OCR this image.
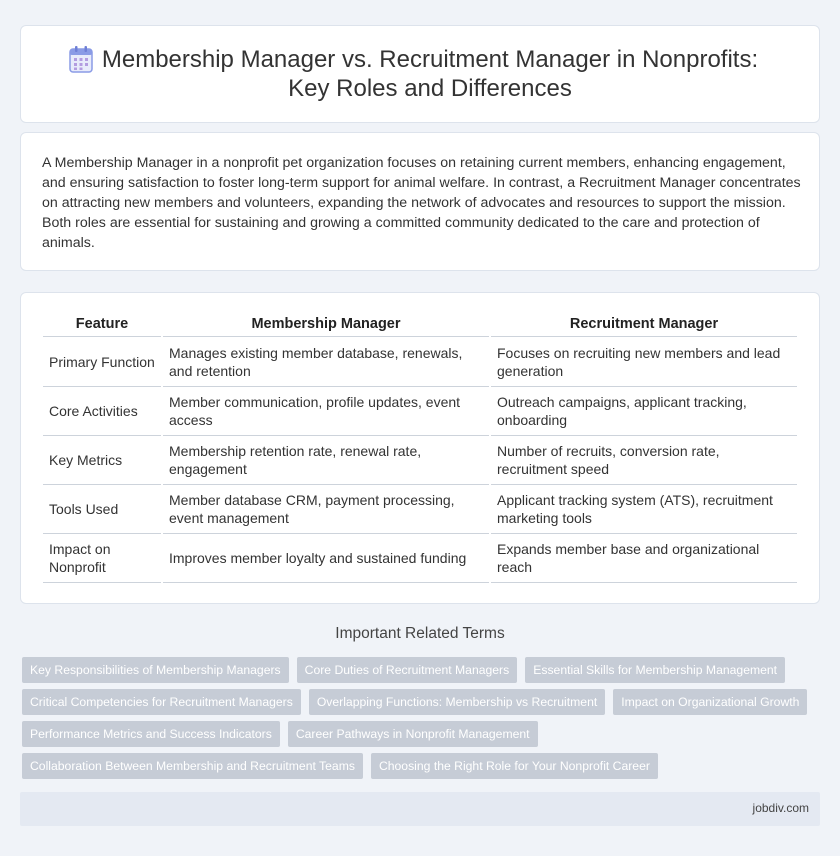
Membership Manager vs. Recruitment Manager in Nonprofits: Key Roles and Differences

A Membership Manager in a nonprofit pet organization focuses on retaining current members, enhancing engagement, and ensuring satisfaction to foster long-term support for animal welfare. In contrast, a Recruitment Manager concentrates on attracting new members and volunteers, expanding the network of advocates and resources to support the mission. Both roles are essential for sustaining and growing a committed community dedicated to the care and protection of animals.

Feature	Membership Manager	Recruitment Manager
Primary Function	Manages existing member database, renewals, and retention	Focuses on recruiting new members and lead generation
Core Activities	Member communication, profile updates, event access	Outreach campaigns, applicant tracking, onboarding
Key Metrics	Membership retention rate, renewal rate, engagement	Number of recruits, conversion rate, recruitment speed
Tools Used	Member database CRM, payment processing, event management	Applicant tracking system (ATS), recruitment marketing tools
Impact on Nonprofit	Improves member loyalty and sustained funding	Expands member base and organizational reach
Important Related Terms
Key Responsibilities of Membership Managers	Core Duties of Recruitment Managers	Essential Skills for Membership Management
Critical Competencies for Recruitment Managers	Overlapping Functions: Membership vs Recruitment	Impact on Organizational Growth
Performance Metrics and Success Indicators	Career Pathways in Nonprofit Management
Collaboration Between Membership and Recruitment Teams	Choosing the Right Role for Your Nonprofit Career
jobdiv.com
